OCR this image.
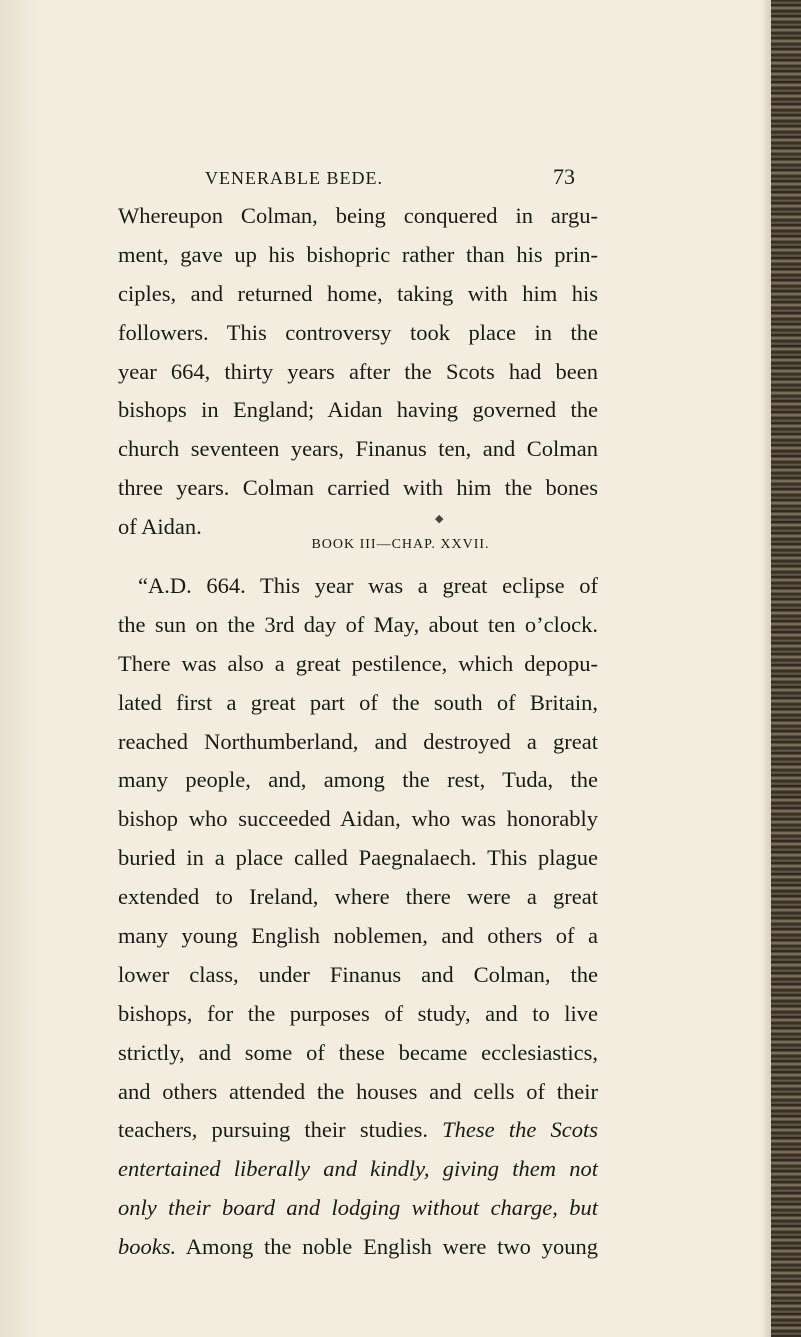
VENERABLE BEDE.	73
Whereupon Colman, being conquered in argu-
ment, gave up his bishopric rather than his prin-
ciples, and returned home, taking with him his
followers. This controversy took place in the
year 664, thirty years after the Scots had been
bishops in England; Aidan having governed the
church seventeen years, Finanus ten, and Colman
three years. Colman carried with him the bones
of Aidan.	◆
BOOK III—CHAP. XXVII.
“A.D. 664. This year was a great eclipse of
the sun on the 3rd day of May, about ten o’clock.
There was also a great pestilence, which depopu-
lated first a great part of the south of Britain,
reached Northumberland, and destroyed a great
many people, and, among the rest, Tuda, the
bishop who succeeded Aidan, who was honorably
buried in a place called Paegnalaech. This plague
extended to Ireland, where there were a great
many young English noblemen, and others of a
lower class, under Finanus and Colman, the
bishops, for the purposes of study, and to live
strictly, and some of these became ecclesiastics,
and others attended the houses and cells of their
teachers, pursuing their studies. These the Scots
entertained liberally and kindly, giving them not
only their board and lodging without charge, but
books. Among the noble English were two young
